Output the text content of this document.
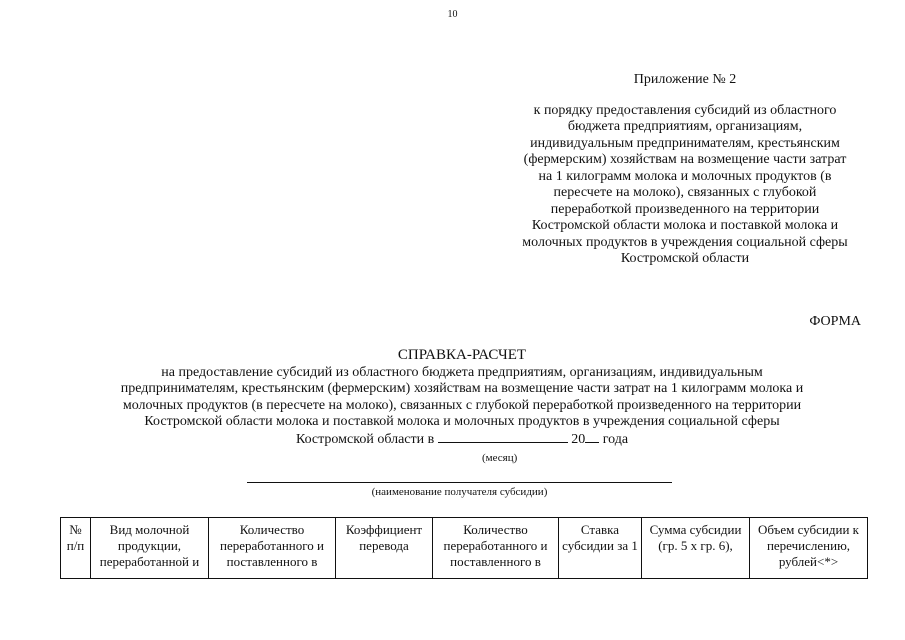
10
Приложение № 2
к порядку предоставления субсидий из областного
бюджета предприятиям, организациям,
индивидуальным предпринимателям, крестьянским
(фермерским) хозяйствам на возмещение части затрат
на 1 килограмм молока и молочных продуктов (в
пересчете на молоко), связанных с глубокой
переработкой произведенного на территории
Костромской области молока и поставкой молока и
молочных продуктов в учреждения социальной сферы
Костромской области
ФОРМА
СПРАВКА-РАСЧЕТ
на предоставление субсидий из областного бюджета предприятиям, организациям, индивидуальным
предпринимателям, крестьянским (фермерским) хозяйствам на возмещение части затрат на 1 килограмм молока и
молочных продуктов (в пересчете на молоко), связанных с глубокой переработкой произведенного на территории
Костромской области молока и поставкой молока и молочных продуктов в учреждения социальной сферы
Костромской области в	20 года
(месяц)
(наименование получателя субсидии)
№ п/п	Вид молочной продукции, переработанной и	Количество переработанного и поставленного в	Коэффициент перевода	Количество переработанного и поставленного в	Ставка субсидии за 1	Сумма субсидии (гр. 5 х гр. 6),	Объем субсидии к перечислению, рублей<*>
